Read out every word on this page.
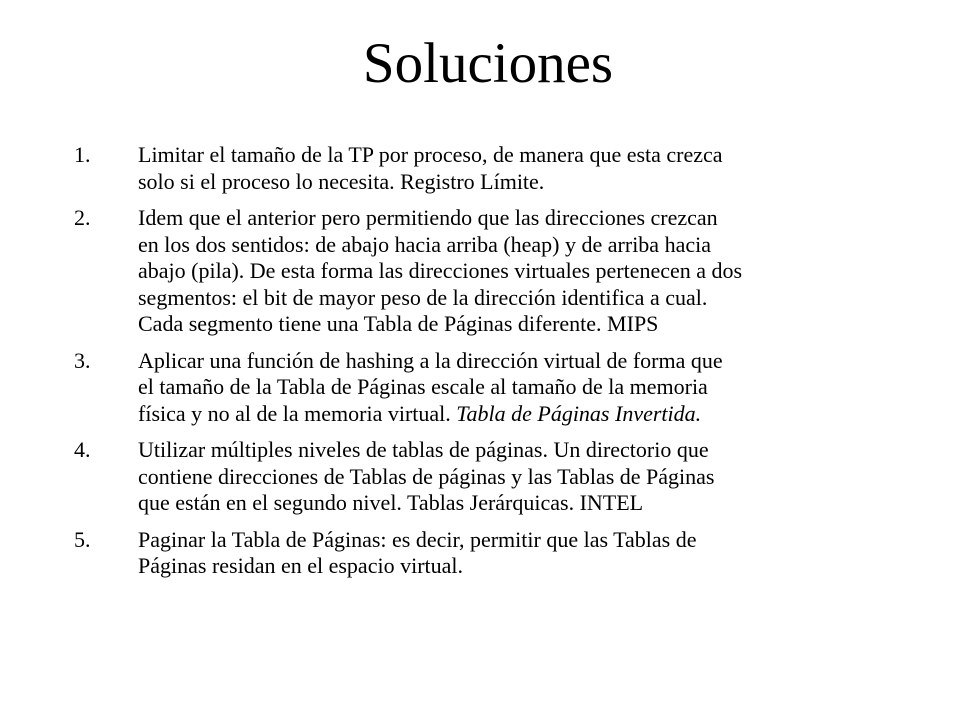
Soluciones
1. Limitar el tamaño de la TP por proceso, de manera que esta crezca
solo si el proceso lo necesita. Registro Límite.
2. Idem que el anterior pero permitiendo que las direcciones crezcan
en los dos sentidos: de abajo hacia arriba (heap) y de arriba hacia
abajo (pila). De esta forma las direcciones virtuales pertenecen a dos
segmentos: el bit de mayor peso de la dirección identifica a cual.
Cada segmento tiene una Tabla de Páginas diferente. MIPS
3. Aplicar una función de hashing a la dirección virtual de forma que
el tamaño de la Tabla de Páginas escale al tamaño de la memoria
física y no al de la memoria virtual. Tabla de Páginas Invertida.
4. Utilizar múltiples niveles de tablas de páginas. Un directorio que
contiene direcciones de Tablas de páginas y las Tablas de Páginas
que están en el segundo nivel. Tablas Jerárquicas. INTEL
5. Paginar la Tabla de Páginas: es decir, permitir que las Tablas de
Páginas residan en el espacio virtual.
